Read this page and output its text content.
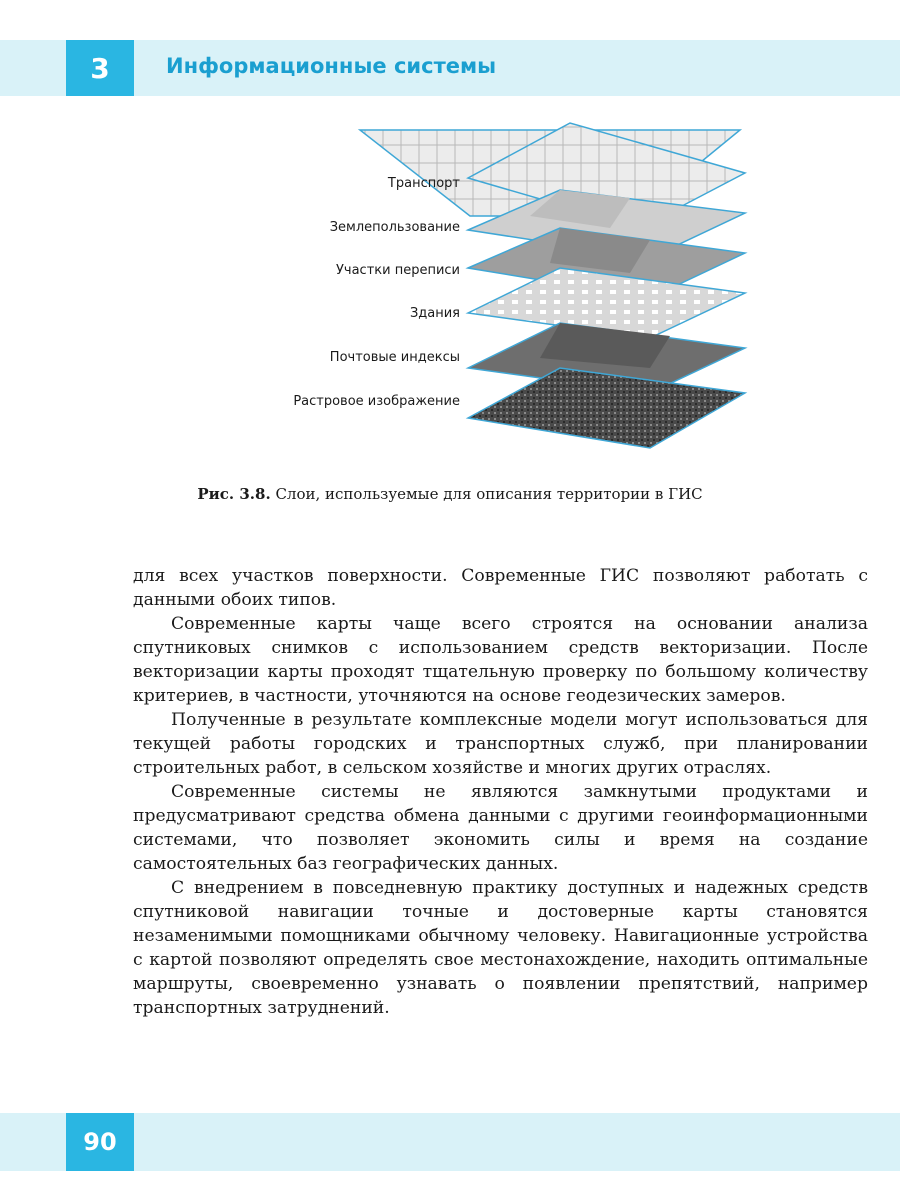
3	Информационные системы
Транспорт
Землепользование
Участки переписи
Здания
Почтовые индексы
Растровое изображение
Рис. 3.8. Слои, используемые для описания территории в ГИС

для всех участков поверхности. Современные ГИС позволяют работать с данными обоих типов.

Современные карты чаще всего строятся на основании анализа спутниковых снимков с использованием средств векторизации. После векторизации карты проходят тщательную проверку по большому количеству критериев, в частности, уточняются на основе геодезических замеров.

Полученные в результате комплексные модели могут использоваться для текущей работы городских и транспортных служб, при планировании строительных работ, в сельском хозяйстве и многих других отраслях.

Современные системы не являются замкнутыми продуктами и предусматривают средства обмена данными с другими геоинформационными системами, что позволяет экономить силы и время на создание самостоятельных баз географических данных.

С внедрением в повседневную практику доступных и надежных средств спутниковой навигации точные и достоверные карты становятся незаменимыми помощниками обычному человеку. Навигационные устройства с картой позволяют определять свое местонахождение, находить оптимальные маршруты, своевременно узнавать о появлении препятствий, например транспортных затруднений.

90
